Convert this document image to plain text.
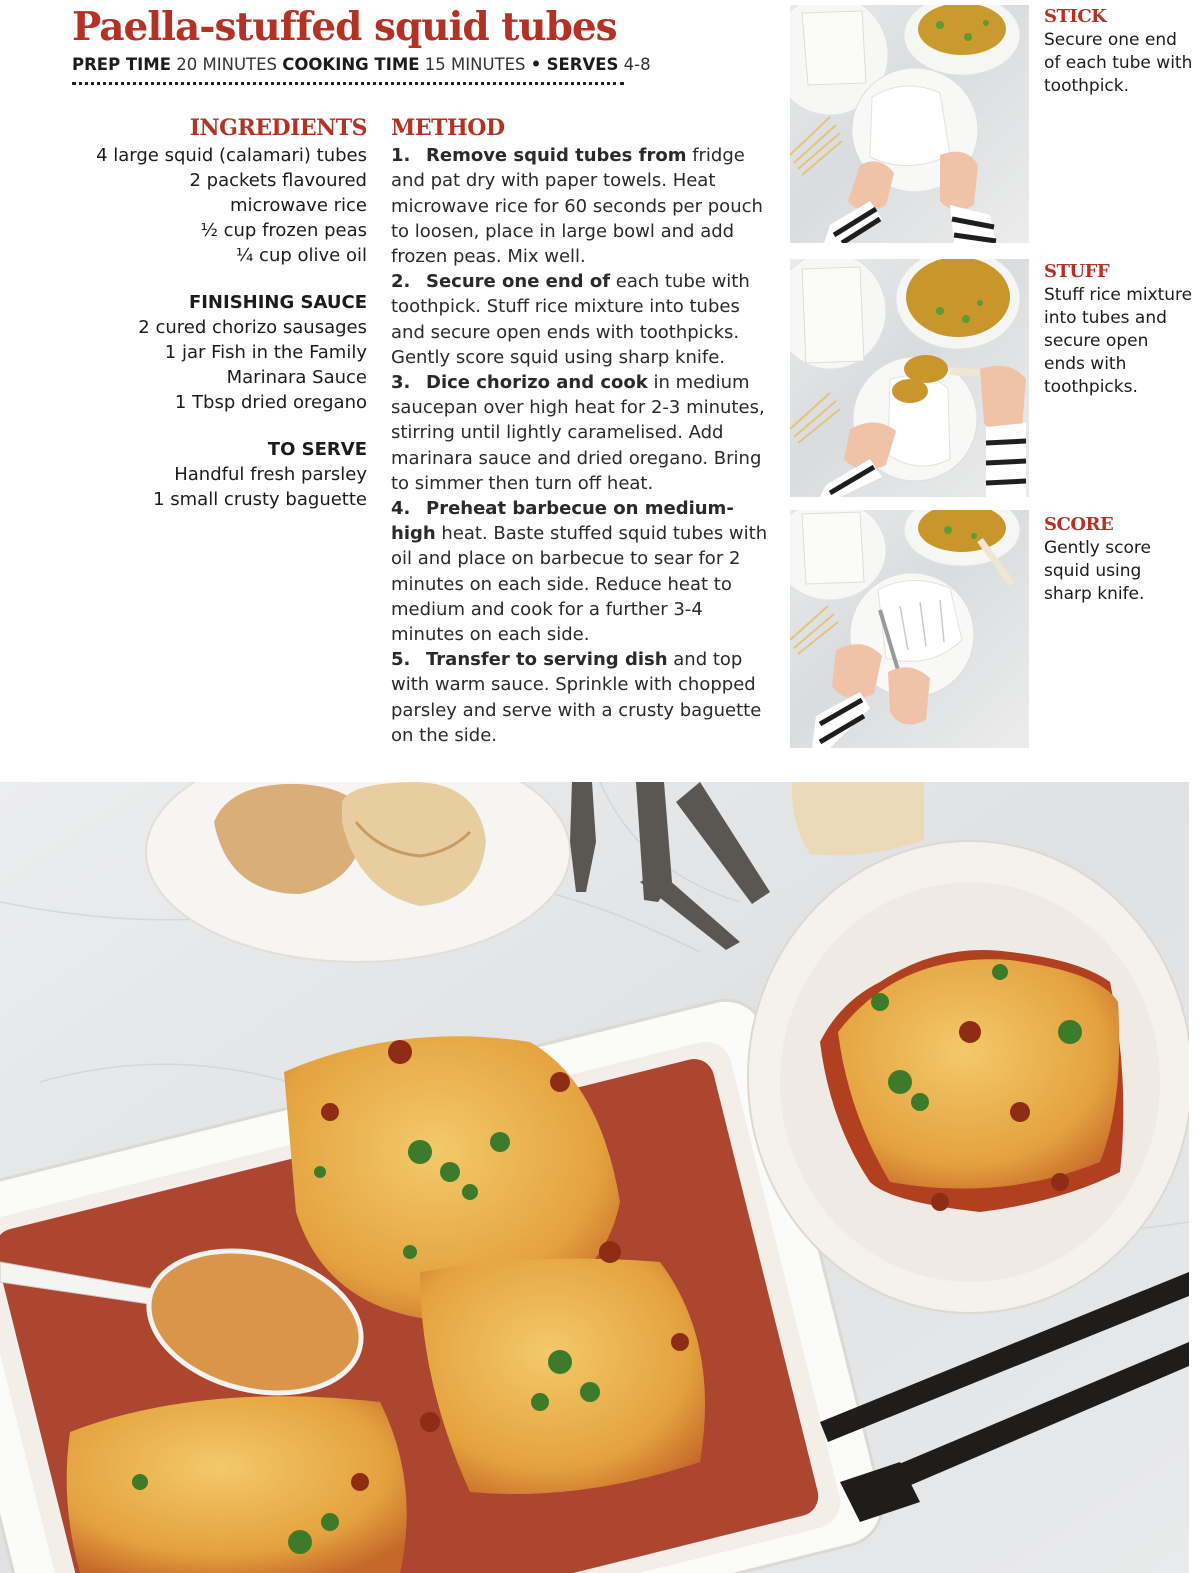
Paella-stuffed squid tubes
PREP TIME 20 MINUTES COOKING TIME 15 MINUTES • SERVES 4-8
INGREDIENTS

4 large squid (calamari) tubes

2 packets flavoured

microwave rice

½ cup frozen peas

¼ cup olive oil

FINISHING SAUCE

2 cured chorizo sausages

1 jar Fish in the Family

Marinara Sauce

1 Tbsp dried oregano

TO SERVE

Handful fresh parsley

1 small crusty baguette

METHOD

1. Remove squid tubes from fridge and pat dry with paper towels. Heat microwave rice for 60 seconds per pouch to loosen, place in large bowl and add frozen peas. Mix well.

2. Secure one end of each tube with toothpick. Stuff rice mixture into tubes and secure open ends with toothpicks. Gently score squid using sharp knife.

3. Dice chorizo and cook in medium saucepan over high heat for 2-3 minutes, stirring until lightly caramelised. Add marinara sauce and dried oregano. Bring to simmer then turn off heat.

4. Preheat barbecue on medium-high heat. Baste stuffed squid tubes with oil and place on barbecue to sear for 2 minutes on each side. Reduce heat to medium and cook for a further 3-4 minutes on each side.

5. Transfer to serving dish and top with warm sauce. Sprinkle with chopped parsley and serve with a crusty baguette on the side.

STICK
Secure one end of each tube with toothpick.
STUFF
Stuff rice mixture into tubes and secure open ends with toothpicks.
SCORE
Gently score squid using sharp knife.
